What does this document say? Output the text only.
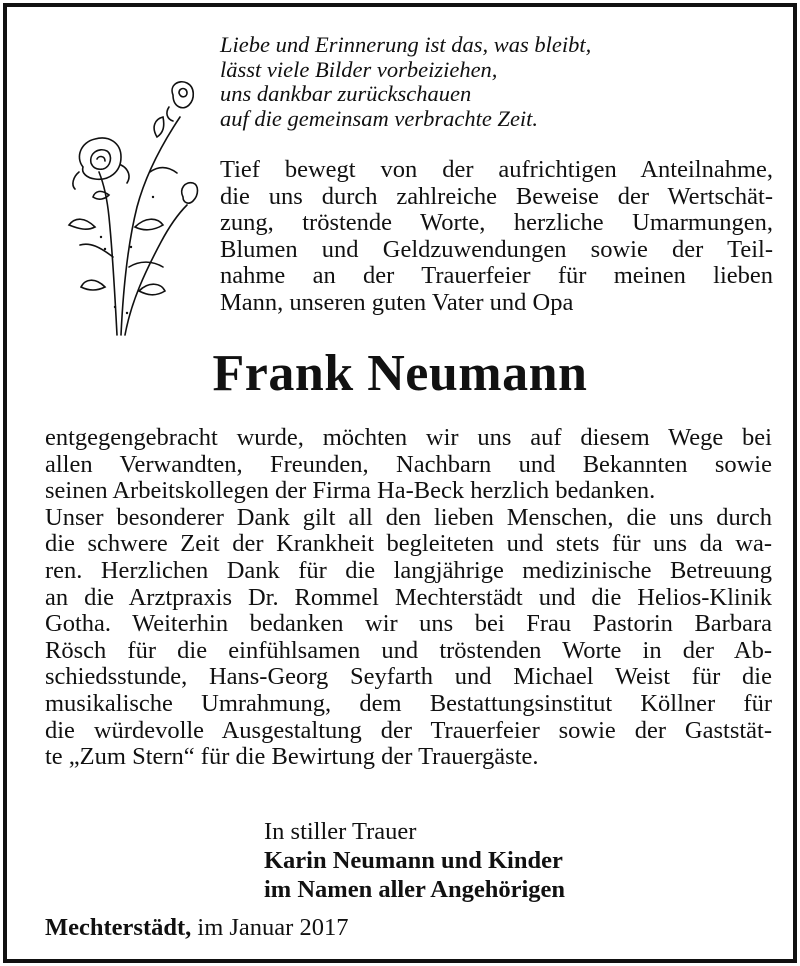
Liebe und Erinnerung ist das, was bleibt,
lässt viele Bilder vorbeiziehen,
uns dankbar zurückschauen
auf die gemeinsam verbrachte Zeit.
Tief bewegt von der aufrichtigen Anteilnahme,
die uns durch zahlreiche Beweise der Wertschät-
zung, tröstende Worte, herzliche Umarmungen,
Blumen und Geldzuwendungen sowie der Teil-
nahme an der Trauerfeier für meinen lieben
Mann, unseren guten Vater und Opa
Frank Neumann
entgegengebracht wurde, möchten wir uns auf diesem Wege bei
allen Verwandten, Freunden, Nachbarn und Bekannten sowie
seinen Arbeitskollegen der Firma Ha-Beck herzlich bedanken.
Unser besonderer Dank gilt all den lieben Menschen, die uns durch
die schwere Zeit der Krankheit begleiteten und stets für uns da wa-
ren. Herzlichen Dank für die langjährige medizinische Betreuung
an die Arztpraxis Dr. Rommel Mechterstädt und die Helios-Klinik
Gotha. Weiterhin bedanken wir uns bei Frau Pastorin Barbara
Rösch für die einfühlsamen und tröstenden Worte in der Ab-
schiedsstunde, Hans-Georg Seyfarth und Michael Weist für die
musikalische Umrahmung, dem Bestattungsinstitut Köllner für
die würdevolle Ausgestaltung der Trauerfeier sowie der Gaststät-
te „Zum Stern“ für die Bewirtung der Trauergäste.
In stiller Trauer
Karin Neumann und Kinder
im Namen aller Angehörigen
Mechterstädt, im Januar 2017
